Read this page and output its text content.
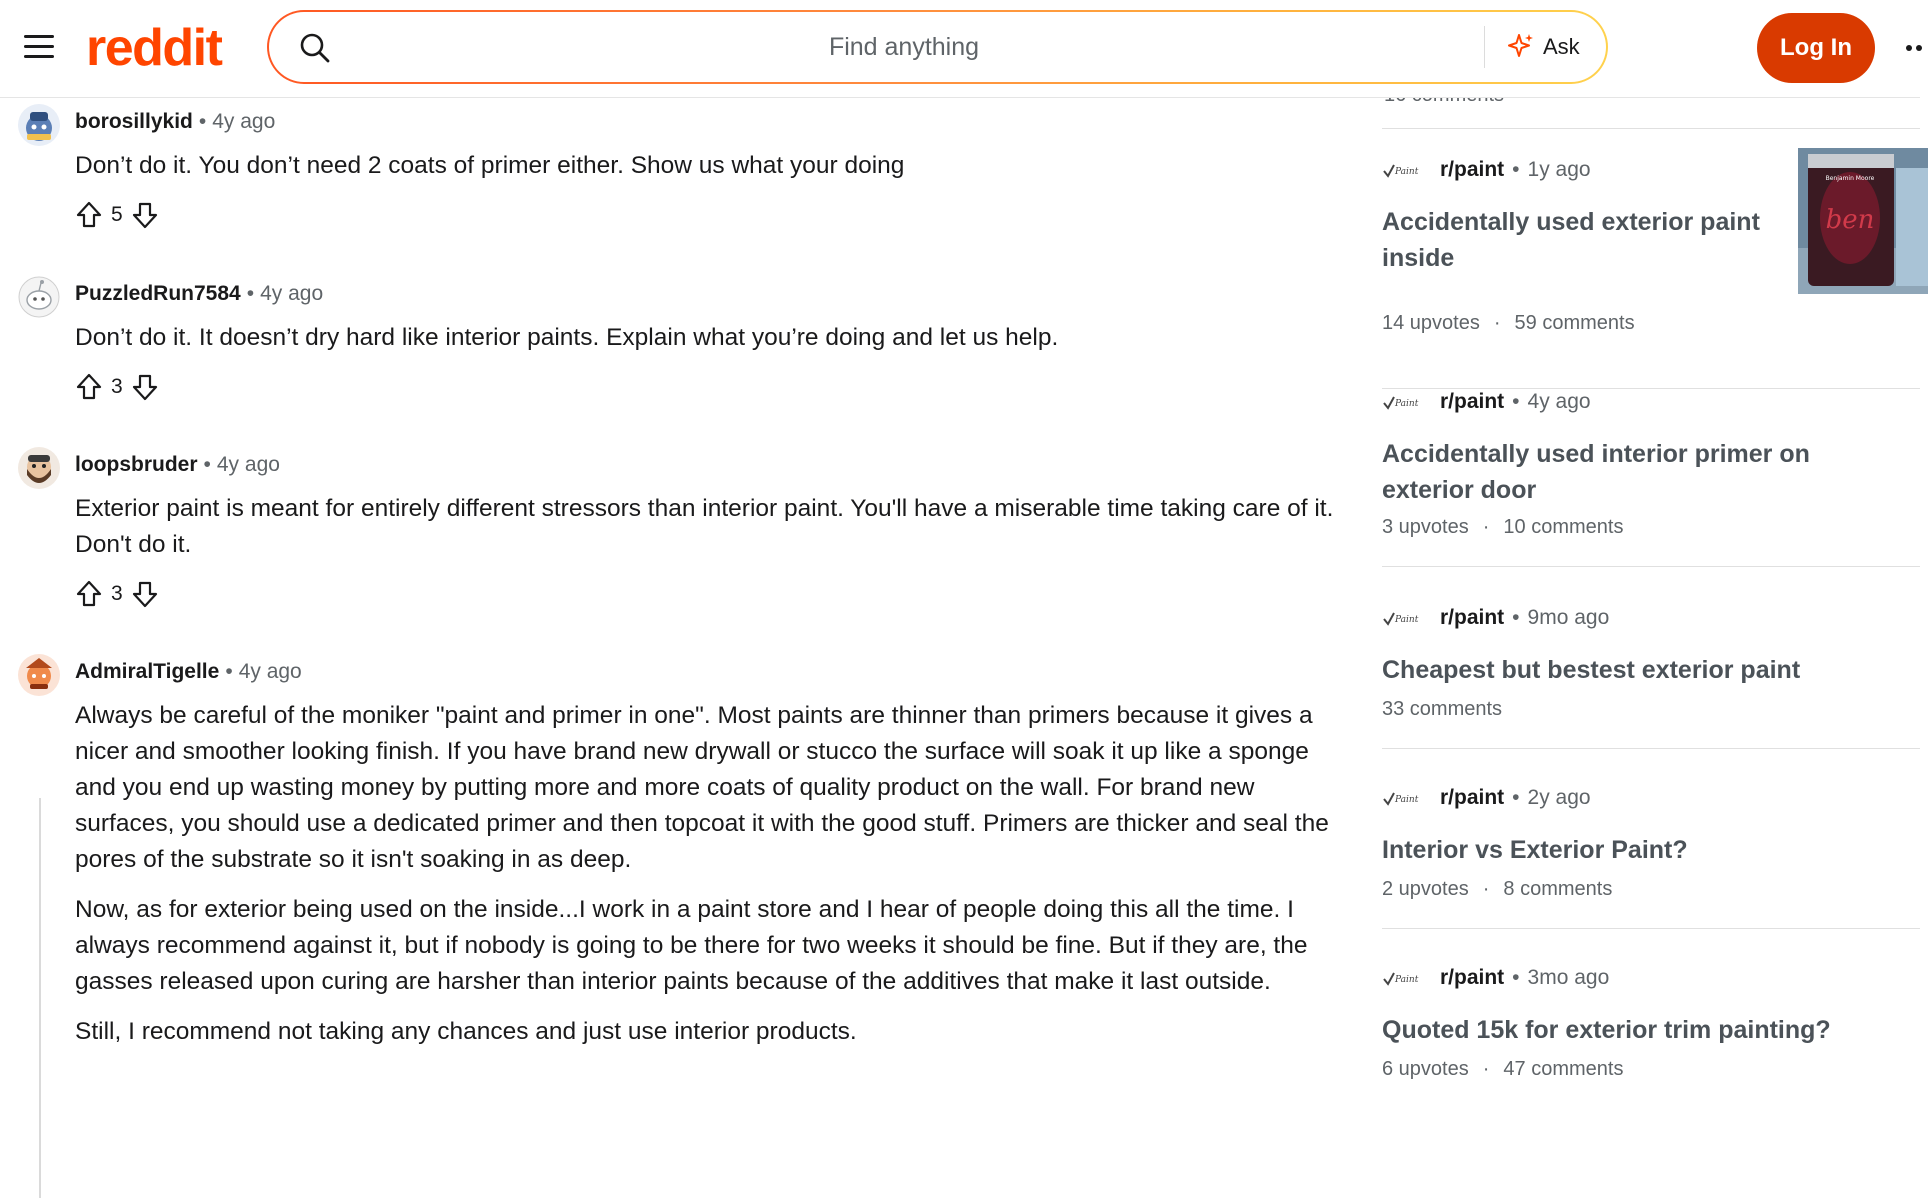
reddit
Find anything	Ask	Log In
borosillykid • 4y ago

Don’t do it. You don’t need 2 coats of primer either. Show us what your doing

5
PuzzledRun7584 • 4y ago

Don’t do it. It doesn’t dry hard like interior paints. Explain what you’re doing and let us help.

3
loopsbruder • 4y ago

Exterior paint is meant for entirely different stressors than interior paint. You'll have a miserable time taking care of it. Don't do it.

3
AdmiralTigelle • 4y ago

Always be careful of the moniker "paint and primer in one". Most paints are thinner than primers because it gives a nicer and smoother looking finish. If you have brand new drywall or stucco the surface will soak it up like a sponge and you end up wasting money by putting more and more coats of quality product on the wall. For brand new surfaces, you should use a dedicated primer and then topcoat it with the good stuff. Primers are thicker and seal the pores of the substrate so it isn't soaking in as deep.

Now, as for exterior being used on the inside...I work in a paint store and I hear of people doing this all the time. I always recommend against it, but if nobody is going to be there for two weeks it should be fine. But if they are, the gasses released upon curing are harsher than interior paints because of the additives that make it last outside.

Still, I recommend not taking any chances and just use interior products.

Paint r/paint • 1y ago
Accidentally used exterior paint inside
14 upvotes · 59 comments
Benjamin Moore
ben
Paint r/paint • 4y ago
Accidentally used interior primer on exterior door
3 upvotes · 10 comments
Paint r/paint • 9mo ago
Cheapest but bestest exterior paint
33 comments
Paint r/paint • 2y ago
Interior vs Exterior Paint?
2 upvotes · 8 comments
Paint r/paint • 3mo ago
Quoted 15k for exterior trim painting?
6 upvotes · 47 comments
